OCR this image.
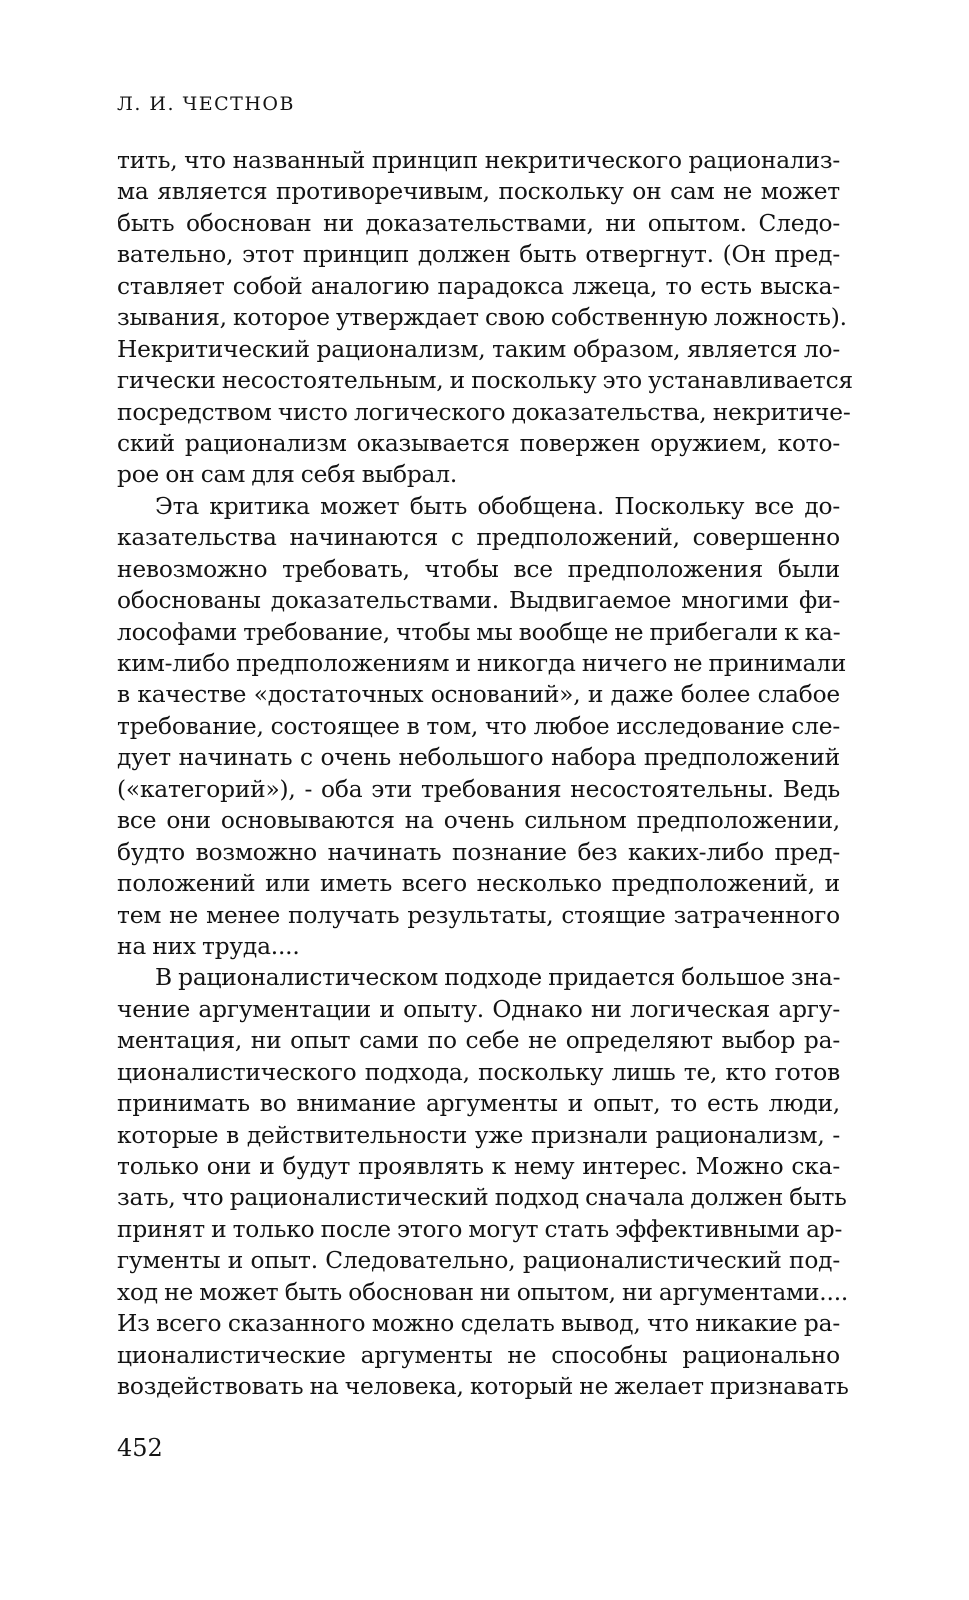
Л. И. ЧЕСТНОВ
тить, что названный принцип некритического рационализ-
ма является противоречивым, поскольку он сам не может
быть обоснован ни доказательствами, ни опытом. Следо-
вательно, этот принцип должен быть отвергнут. (Он пред-
ставляет собой аналогию парадокса лжеца, то есть выска-
зывания, которое утверждает свою собственную ложность).
Некритический рационализм, таким образом, является ло-
гически несостоятельным, и поскольку это устанавливается
посредством чисто логического доказательства, некритиче-
ский рационализм оказывается повержен оружием, кото-
рое он сам для себя выбрал.
Эта критика может быть обобщена. Поскольку все до-
казательства начинаются с предположений, совершенно
невозможно требовать, чтобы все предположения были
обоснованы доказательствами. Выдвигаемое многими фи-
лософами требование, чтобы мы вообще не прибегали к ка-
ким-либо предположениям и никогда ничего не принимали
в качестве «достаточных оснований», и даже более слабое
требование, состоящее в том, что любое исследование сле-
дует начинать с очень небольшого набора предположений
(«категорий»), - оба эти требования несостоятельны. Ведь
все они основываются на очень сильном предположении,
будто возможно начинать познание без каких-либо пред-
положений или иметь всего несколько предположений, и
тем не менее получать результаты, стоящие затраченного
на них труда....
В рационалистическом подходе придается большое зна-
чение аргументации и опыту. Однако ни логическая аргу-
ментация, ни опыт сами по себе не определяют выбор ра-
ционалистического подхода, поскольку лишь те, кто готов
принимать во внимание аргументы и опыт, то есть люди,
которые в действительности уже признали рационализм, -
только они и будут проявлять к нему интерес. Можно ска-
зать, что рационалистический подход сначала должен быть
принят и только после этого могут стать эффективными ар-
гументы и опыт. Следовательно, рационалистический под-
ход не может быть обоснован ни опытом, ни аргументами....
Из всего сказанного можно сделать вывод, что никакие ра-
ционалистические аргументы не способны рационально
воздействовать на человека, который не желает признавать
452
